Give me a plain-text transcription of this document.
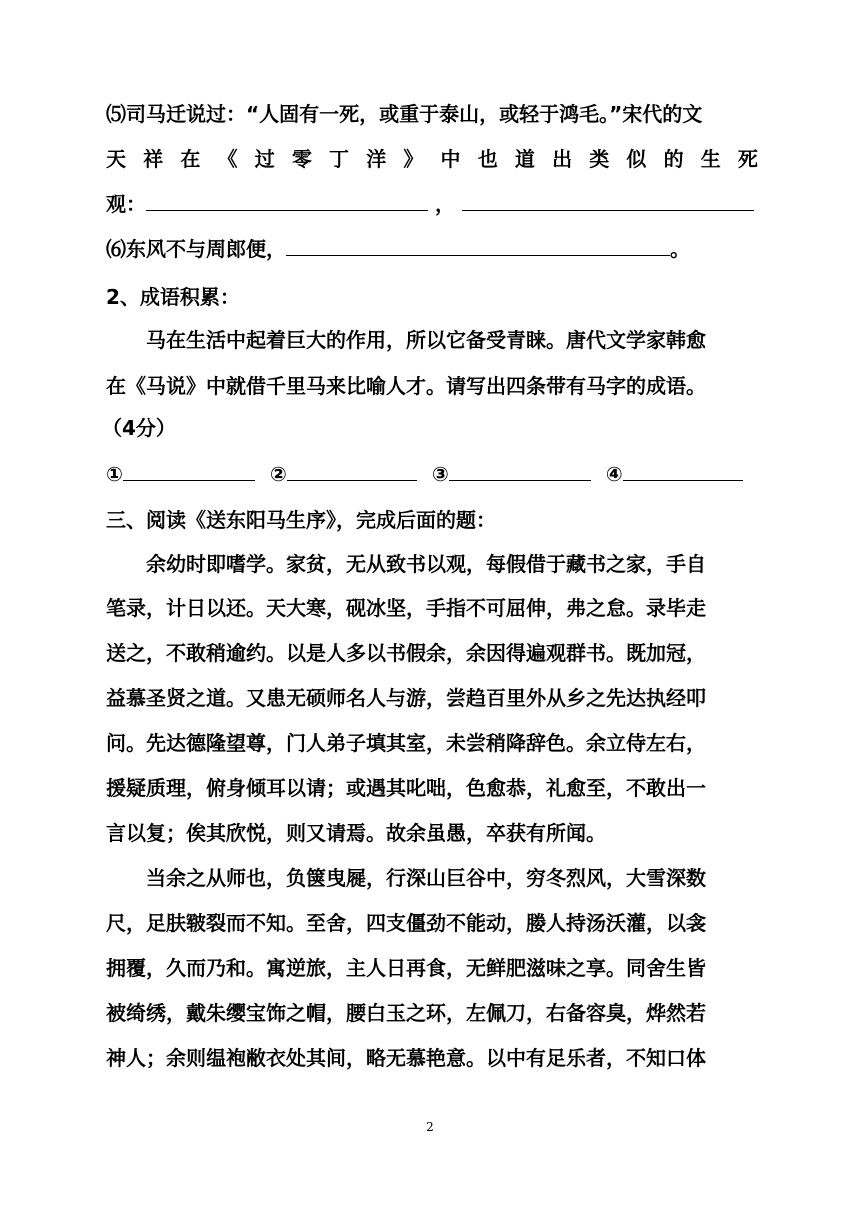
⑸司马迁说过：“人固有一死，或重于泰山，或轻于鸿毛。”宋代的文
天 祥 在 《 过 零 丁 洋 》 中 也 道 出 类 似 的 生 死
观：	，
⑹东风不与周郎便，	。
2、成语积累：
马在生活中起着巨大的作用，所以它备受青睐。唐代文学家韩愈
在《马说》中就借千里马来比喻人才。请写出四条带有马字的成语。
（4分）
①	②	③	④
三、阅读《送东阳马生序》，完成后面的题：
余幼时即嗜学。家贫，无从致书以观，每假借于藏书之家，手自
笔录，计日以还。天大寒，砚冰坚，手指不可屈伸，弗之怠。录毕走
送之，不敢稍逾约。以是人多以书假余，余因得遍观群书。既加冠，
益慕圣贤之道。又患无硕师名人与游，尝趋百里外从乡之先达执经叩
问。先达德隆望尊，门人弟子填其室，未尝稍降辞色。余立侍左右，
援疑质理，俯身倾耳以请；或遇其叱咄，色愈恭，礼愈至，不敢出一
言以复；俟其欣悦，则又请焉。故余虽愚，卒获有所闻。
当余之从师也，负箧曳屣，行深山巨谷中，穷冬烈风，大雪深数
尺，足肤皲裂而不知。至舍，四支僵劲不能动，媵人持汤沃灌，以衾
拥覆，久而乃和。寓逆旅，主人日再食，无鲜肥滋味之享。同舍生皆
被绮绣，戴朱缨宝饰之帽，腰白玉之环，左佩刀，右备容臭，烨然若
神人；余则缊袍敝衣处其间，略无慕艳意。以中有足乐者，不知口体
2
